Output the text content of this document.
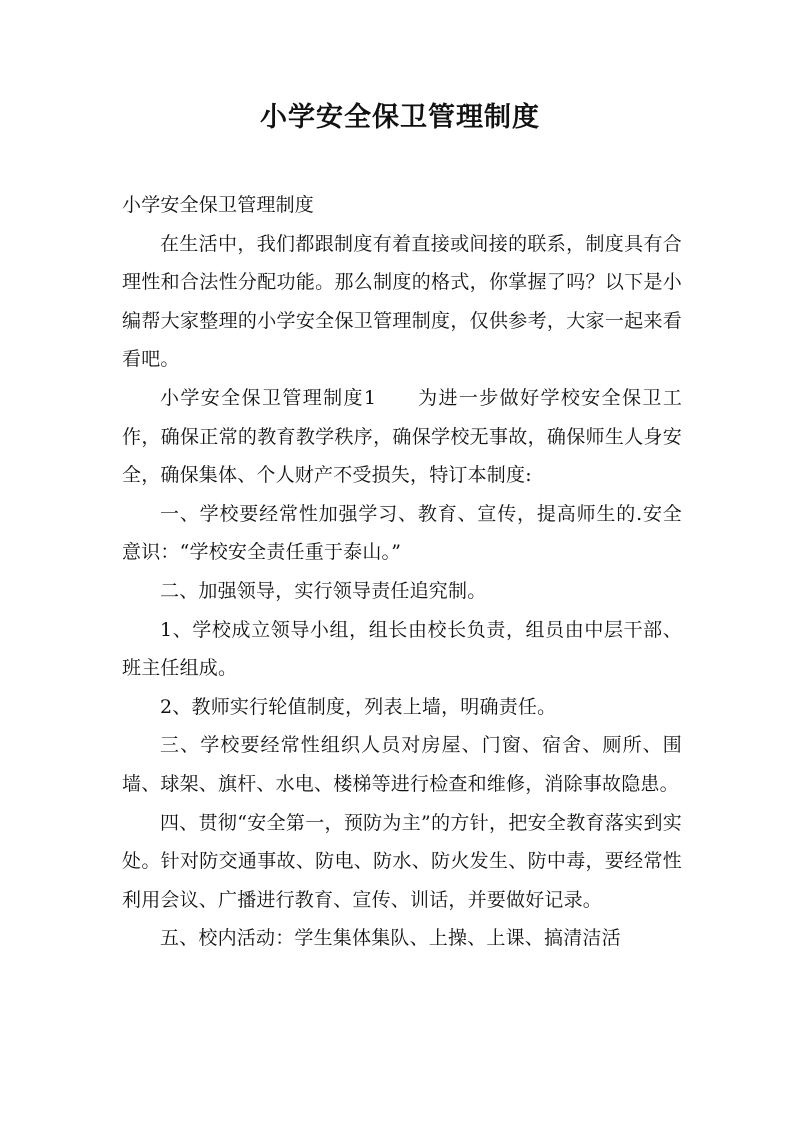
小学安全保卫管理制度

小学安全保卫管理制度

在生活中，我们都跟制度有着直接或间接的联系，制度具有合理性和合法性分配功能。那么制度的格式，你掌握了吗？以下是小编帮大家整理的小学安全保卫管理制度，仅供参考，大家一起来看看吧。

小学安全保卫管理制度1　　为进一步做好学校安全保卫工作，确保正常的教育教学秩序，确保学校无事故，确保师生人身安全，确保集体、个人财产不受损失，特订本制度:

一、学校要经常性加强学习、教育、宣传，提高师生的.安全意识：“学校安全责任重于泰山。”

二、加强领导，实行领导责任追究制。

1、学校成立领导小组，组长由校长负责，组员由中层干部、班主任组成。

2、教师实行轮值制度，列表上墙，明确责任。

三、学校要经常性组织人员对房屋、门窗、宿舍、厕所、围墙、球架、旗杆、水电、楼梯等进行检查和维修，消除事故隐患。

四、贯彻“安全第一，预防为主”的方针，把安全教育落实到实处。针对防交通事故、防电、防水、防火发生、防中毒，要经常性利用会议、广播进行教育、宣传、训话，并要做好记录。

五、校内活动：学生集体集队、上操、上课、搞清洁活
